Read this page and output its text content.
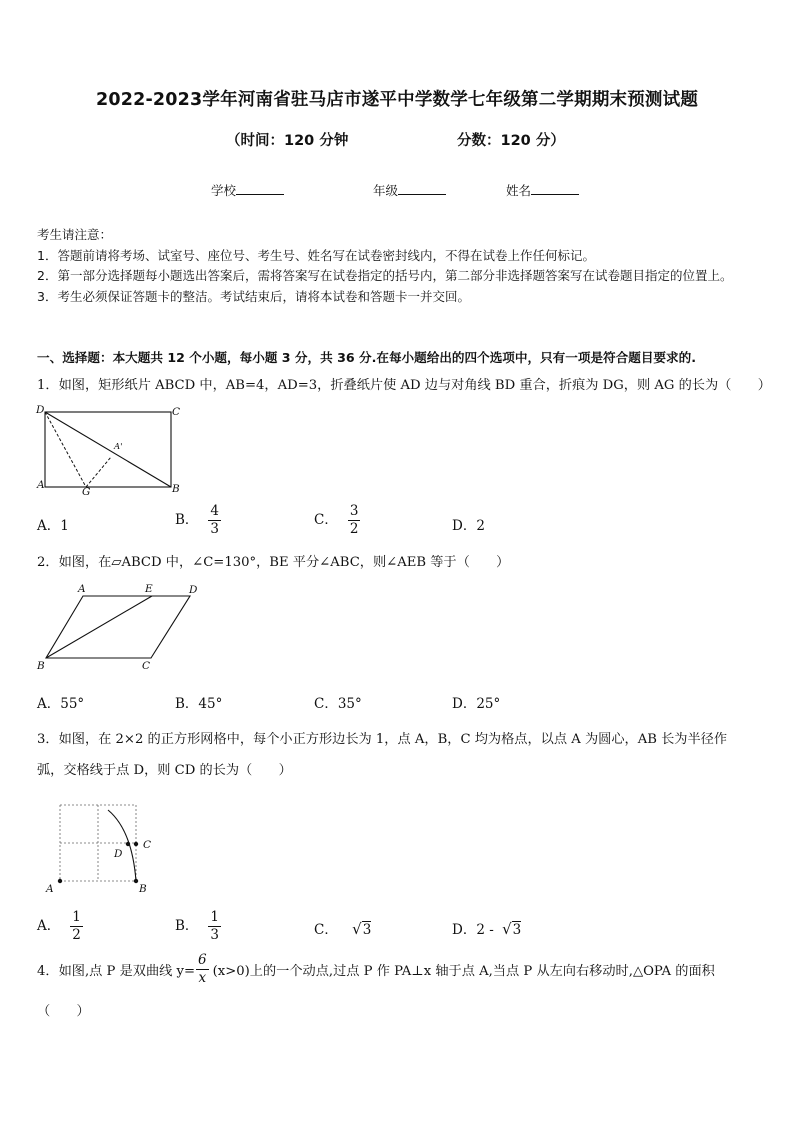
2022-2023学年河南省驻马店市遂平中学数学七年级第二学期期末预测试题
（时间：120 分钟	分数：120 分）
学校	年级	姓名
考生请注意：
1．答题前请将考场、试室号、座位号、考生号、姓名写在试卷密封线内，不得在试卷上作任何标记。
2．第一部分选择题每小题选出答案后，需将答案写在试卷指定的括号内，第二部分非选择题答案写在试卷题目指定的位置上。
3．考生必须保证答题卡的整洁。考试结束后，请将本试卷和答题卡一并交回。
一、选择题：本大题共 12 个小题，每小题 3 分，共 36 分.在每小题给出的四个选项中，只有一项是符合题目要求的.
1．如图，矩形纸片 ABCD 中，AB=4，AD=3，折叠纸片使 AD 边与对角线 BD 重合，折痕为 DG，则 AG 的长为（　　）
D	C
A'
A
G	B
A．1	B． $\frac{4}{3}$	C． $\frac{3}{2}$	D．2
2．如图，在▱ABCD 中，∠C=130°，BE 平分∠ABC，则∠AEB 等于（　　）
A	E	D
B	C
A．55°	B．45°	C．35°	D．25°
3．如图，在 2×2 的正方形网格中，每个小正方形边长为 1，点 A，B，C 均为格点，以点 A 为圆心，AB 长为半径作
弧，交格线于点 D，则 CD 的长为（　　）
C
D
A	B
A． $\frac{1}{2}$	B． $\frac{1}{3}$	C． √ 3	D．2 - √ 3
4．如图,点 P 是双曲线 $y= \frac{6}{x} (x>0)$上的一个动点,过点 P 作 PA⊥x 轴于点 A,当点 P 从左向右移动时,△OPA 的面积
（　　）
